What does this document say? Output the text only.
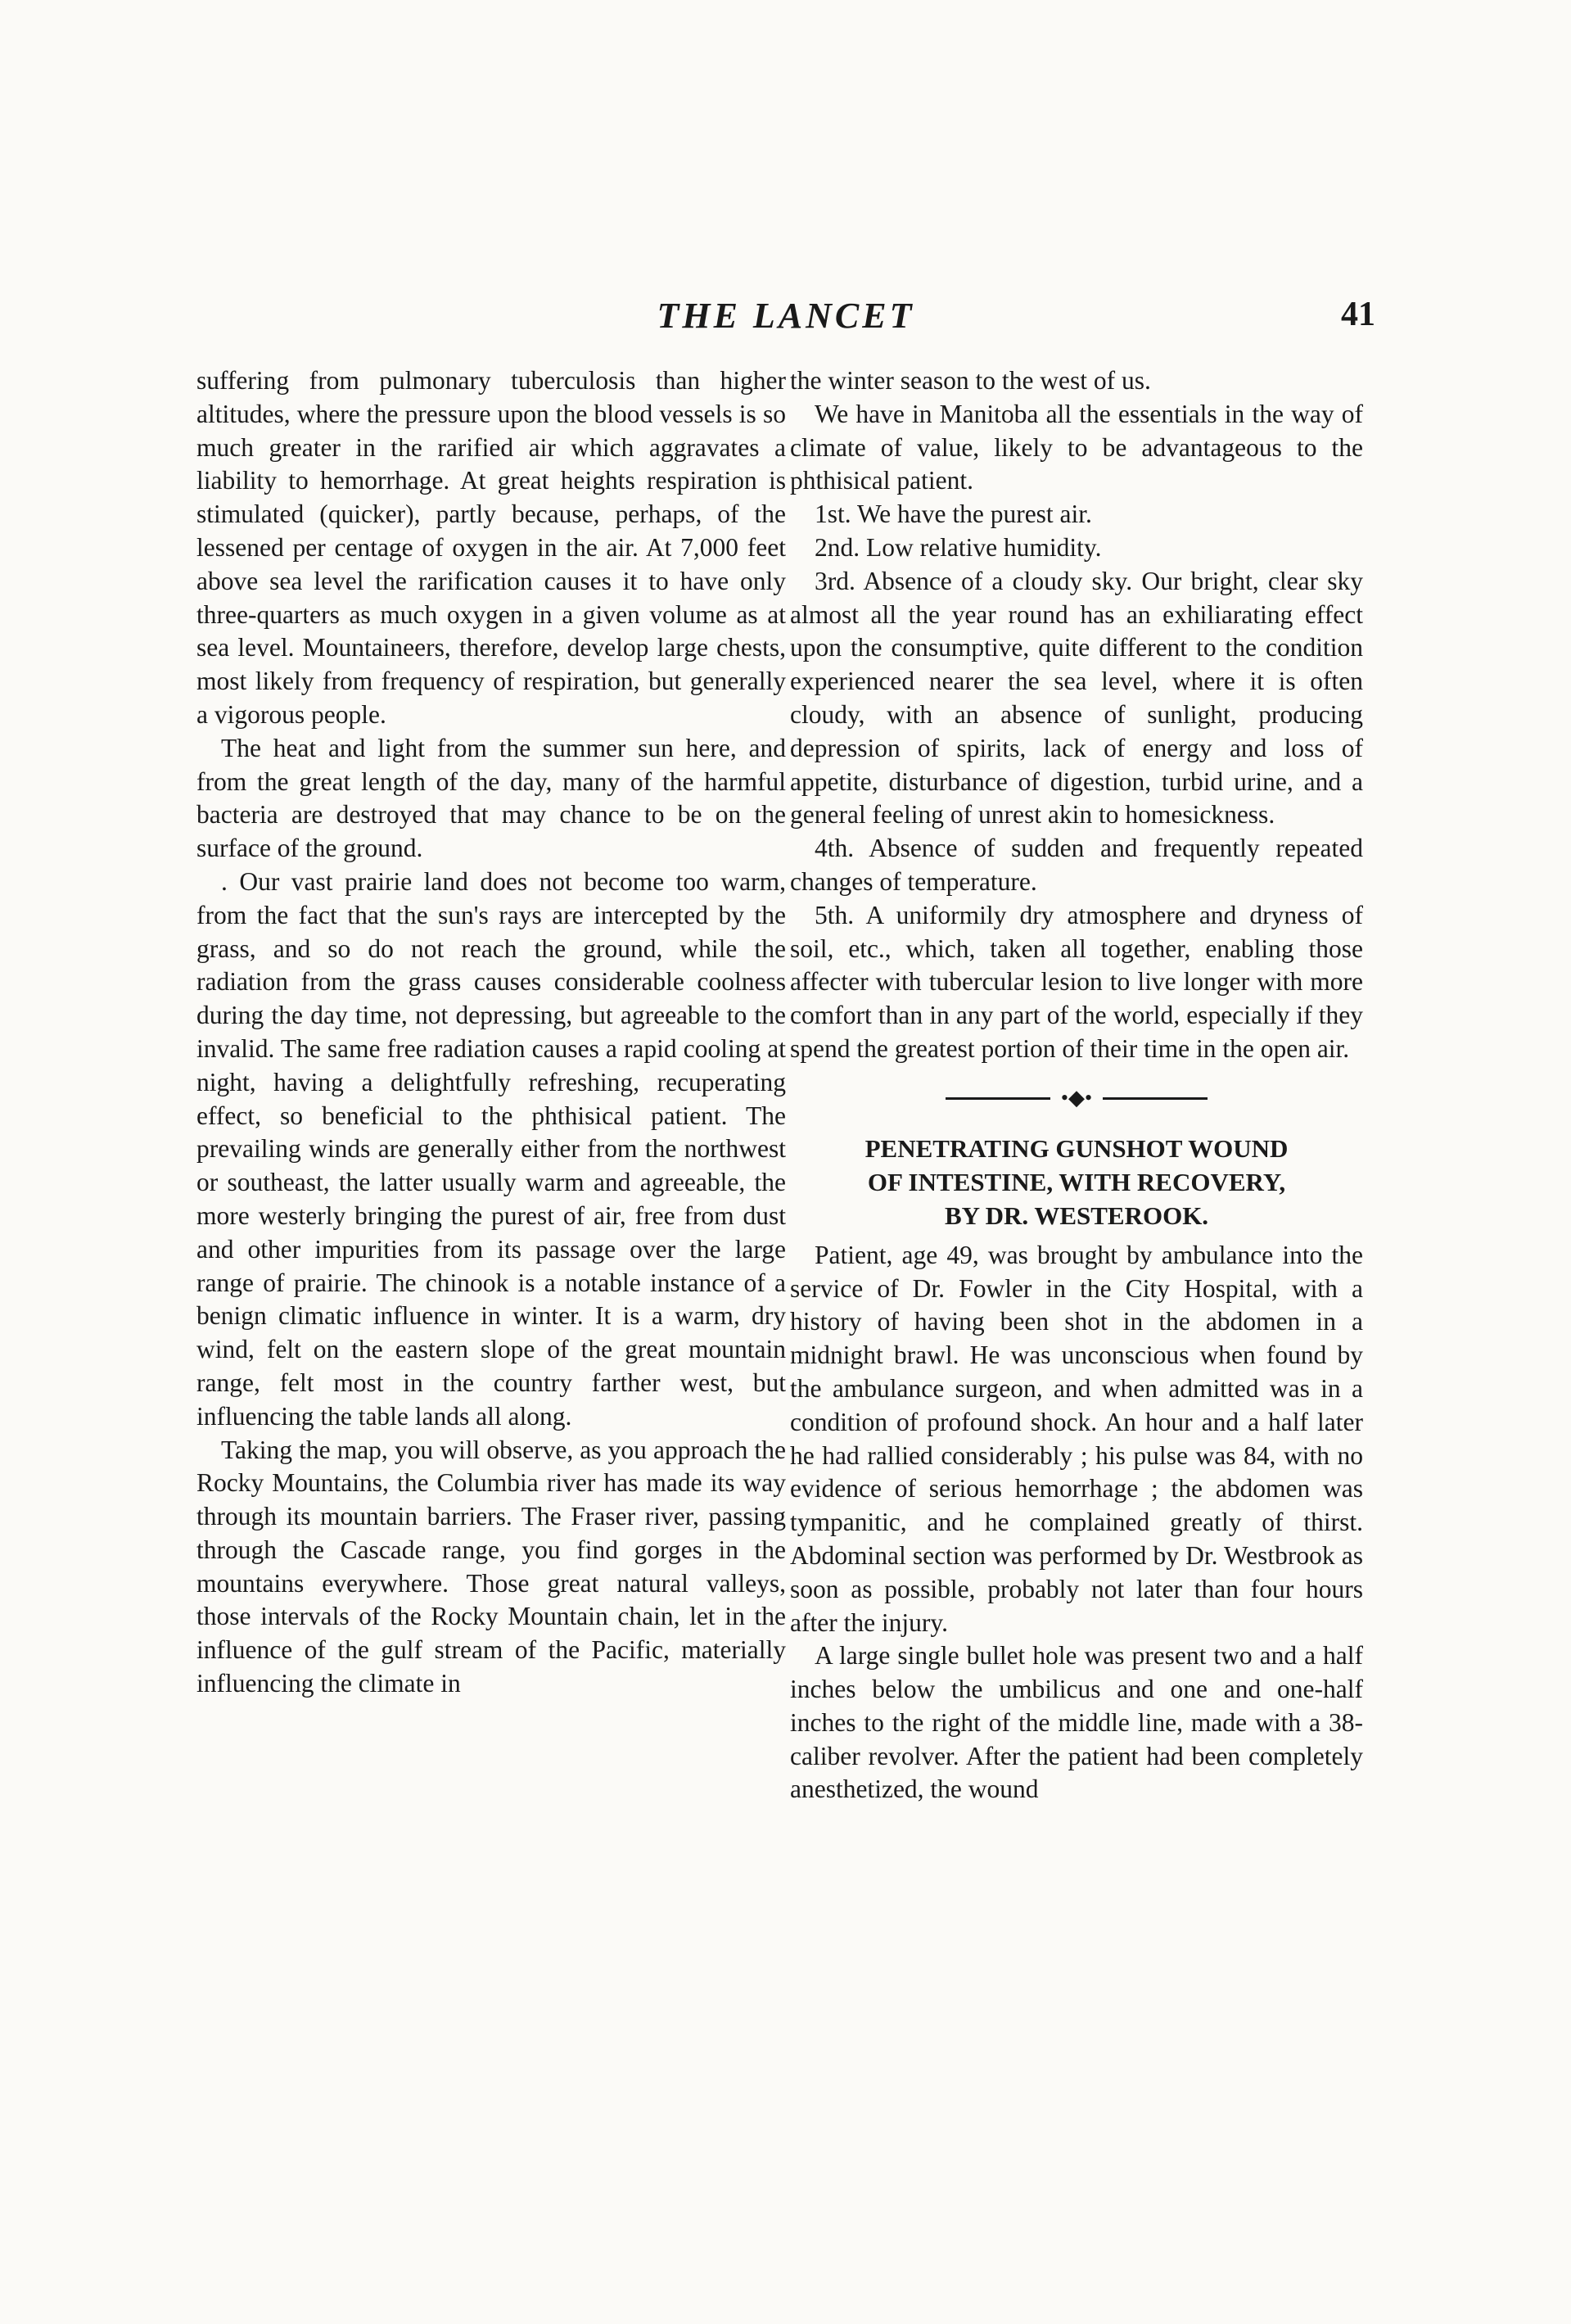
THE LANCET	41

suffering from pulmonary tuberculosis than higher altitudes, where the pressure upon the blood vessels is so much greater in the rarified air which aggravates a liability to hemorrhage. At great heights respiration is stimulated (quicker), partly because, perhaps, of the lessened per centage of oxygen in the air. At 7,000 feet above sea level the rarification causes it to have only three-quarters as much oxygen in a given volume as at sea level. Mountaineers, therefore, develop large chests, most likely from frequency of respiration, but generally a vigorous people.

The heat and light from the summer sun here, and from the great length of the day, many of the harmful bacteria are destroyed that may chance to be on the surface of the ground.

. Our vast prairie land does not become too warm, from the fact that the sun's rays are intercepted by the grass, and so do not reach the ground, while the radiation from the grass causes considerable coolness during the day time, not depressing, but agreeable to the invalid. The same free radiation causes a rapid cooling at night, having a delightfully refreshing, recuperating effect, so beneficial to the phthisical patient. The prevailing winds are generally either from the northwest or southeast, the latter usually warm and agreeable, the more westerly bringing the purest of air, free from dust and other impurities from its passage over the large range of prairie. The chinook is a notable instance of a benign climatic influence in winter. It is a warm, dry wind, felt on the eastern slope of the great mountain range, felt most in the country farther west, but influencing the table lands all along.

Taking the map, you will observe, as you approach the Rocky Mountains, the Columbia river has made its way through its mountain barriers. The Fraser river, passing through the Cascade range, you find gorges in the mountains everywhere. Those great natural valleys, those intervals of the Rocky Mountain chain, let in the influence of the gulf stream of the Pacific, materially influencing the climate in

the winter season to the west of us.

We have in Manitoba all the essentials in the way of climate of value, likely to be advantageous to the phthisical patient.

1st. We have the purest air.

2nd. Low relative humidity.

3rd. Absence of a cloudy sky. Our bright, clear sky almost all the year round has an exhiliarating effect upon the consumptive, quite different to the condition experienced nearer the sea level, where it is often cloudy, with an absence of sunlight, producing depression of spirits, lack of energy and loss of appetite, disturbance of digestion, turbid urine, and a general feeling of unrest akin to homesickness.

4th. Absence of sudden and frequently repeated changes of temperature.

5th. A uniformily dry atmosphere and dryness of soil, etc., which, taken all together, enabling those affecter with tubercular lesion to live longer with more comfort than in any part of the world, especially if they spend the greatest portion of their time in the open air.

•◆•
PENETRATING GUNSHOT WOUND
OF INTESTINE, WITH RECOVERY,
BY DR. WESTEROOK.

Patient, age 49, was brought by ambulance into the service of Dr. Fowler in the City Hospital, with a history of having been shot in the abdomen in a midnight brawl. He was unconscious when found by the ambulance surgeon, and when admitted was in a condition of profound shock. An hour and a half later he had rallied considerably ; his pulse was 84, with no evidence of serious hemorrhage ; the abdomen was tympanitic, and he complained greatly of thirst. Abdominal section was performed by Dr. Westbrook as soon as possible, probably not later than four hours after the injury.

A large single bullet hole was present two and a half inches below the umbilicus and one and one-half inches to the right of the middle line, made with a 38-caliber revolver. After the patient had been completely anesthetized, the wound
